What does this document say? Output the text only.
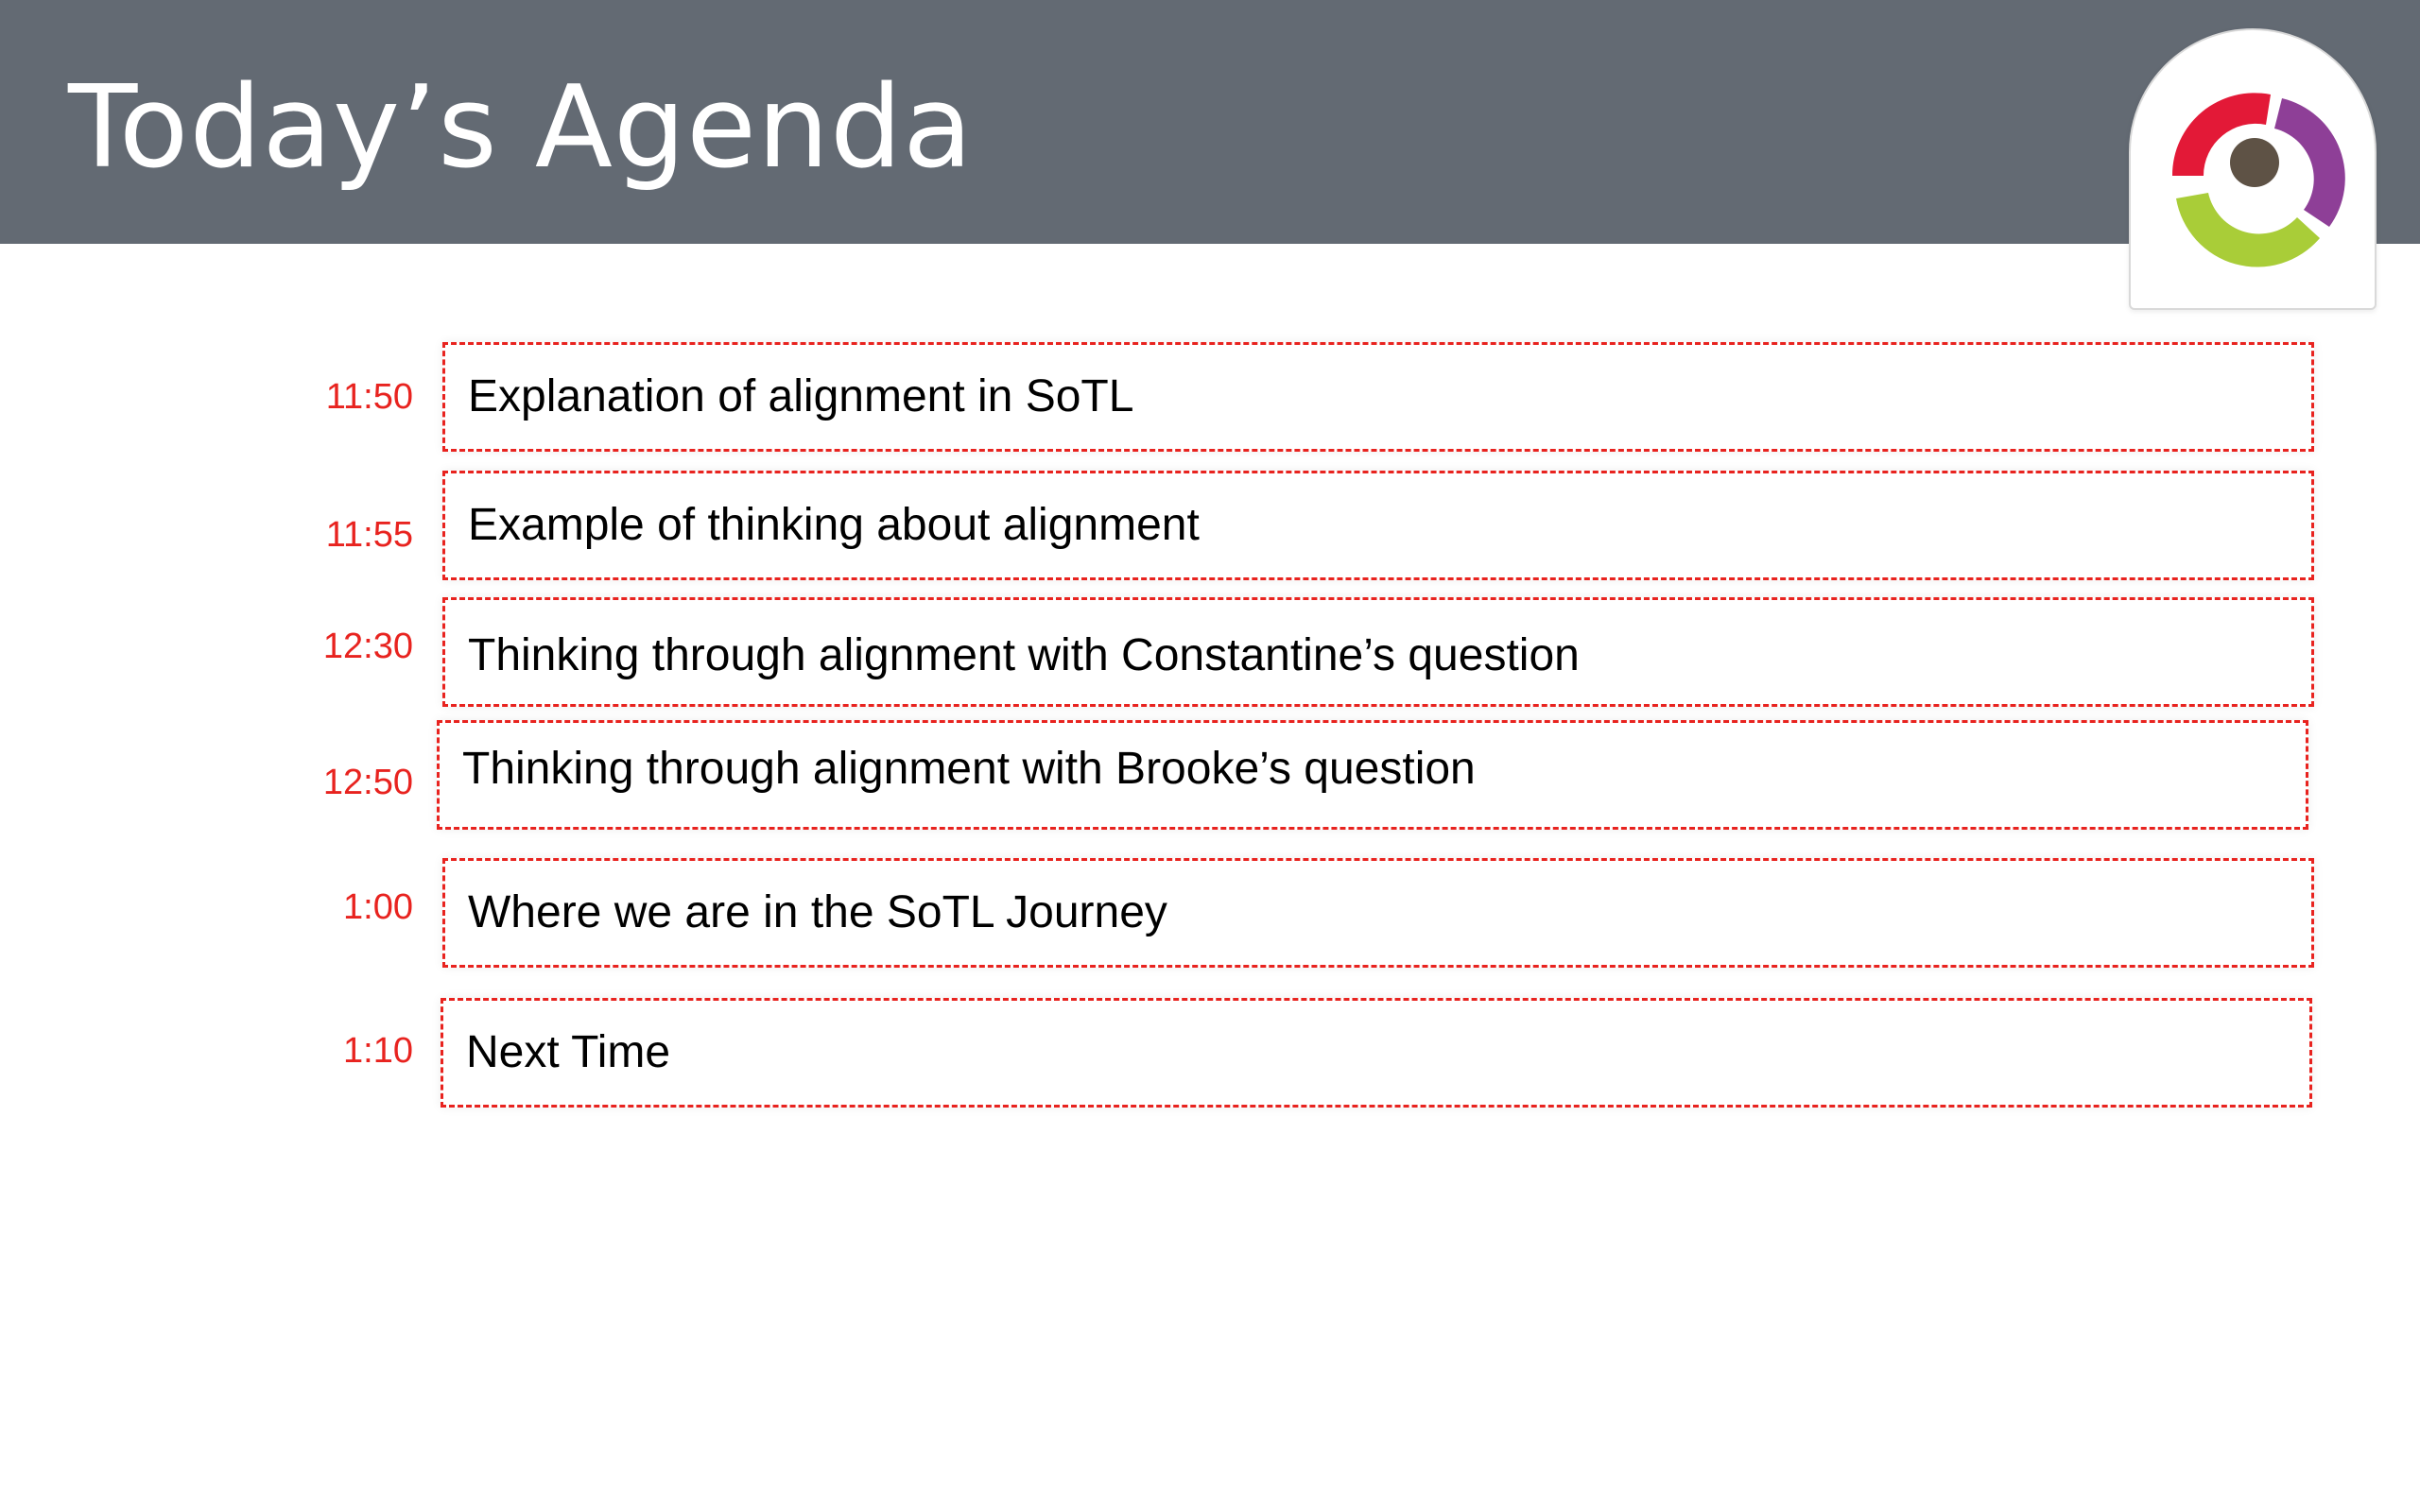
Today’s Agenda
11:50 Explanation of alignment in SoTL
11:55 Example of thinking about alignment
12:30 Thinking through alignment with Constantine’s question
12:50 Thinking through alignment with Brooke’s question
1:00 Where we are in the SoTL Journey
1:10 Next Time
